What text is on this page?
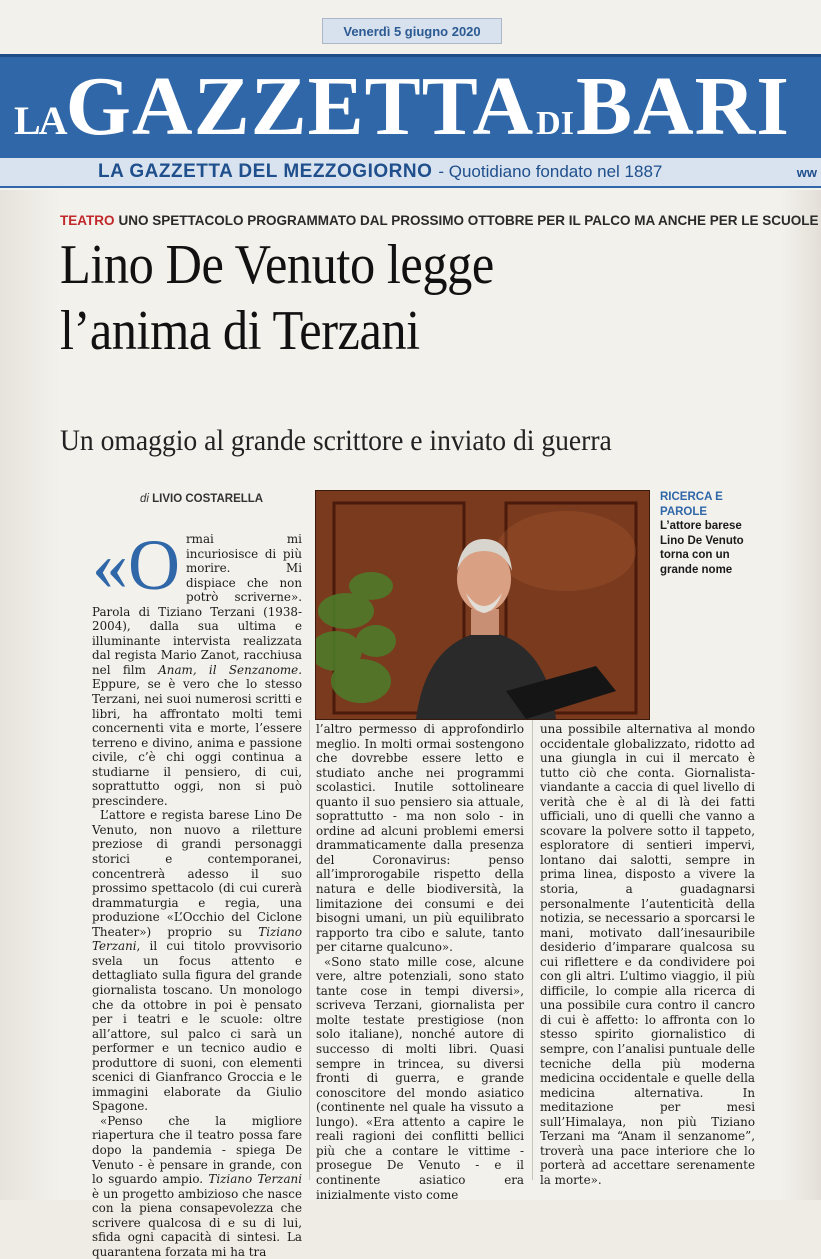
Venerdì 5 giugno 2020
LA GAZZETTA DI BARI
LA GAZZETTA DEL MEZZOGIORNO - Quotidiano fondato nel 1887	ww
TEATRO UNO SPETTACOLO PROGRAMMATO DAL PROSSIMO OTTOBRE PER IL PALCO MA ANCHE PER LE SCUOLE
Lino De Venuto legge
l’anima di Terzani
Un omaggio al grande scrittore e inviato di guerra
di LIVIO COSTARELLA	RICERCA E PAROLE
L’attore barese Lino De Venuto torna con un grande nome

«Ormai mi incuriosisce di più morire. Mi dispiace che non potrò scriverne». Parola di Tiziano Terzani (1938-2004), dalla sua ultima e illuminante intervista realizzata dal regista Mario Zanot, racchiusa nel film Anam, il Senzanome. Eppure, se è vero che lo stesso Terzani, nei suoi numerosi scritti e libri, ha affrontato molti temi concernenti vita e morte, l’essere terreno e divino, anima e passione civile, c’è chi oggi continua a studiarne il pensiero, di cui, soprattutto oggi, non si può prescindere.

L’attore e regista barese Lino De Venuto, non nuovo a riletture preziose di grandi personaggi storici e contemporanei, concentrerà adesso il suo prossimo spettacolo (di cui curerà drammaturgia e regia, una produzione «L’Occhio del Ciclone Theater») proprio su Tiziano Terzani, il cui titolo provvisorio svela un focus attento e dettagliato sulla figura del grande giornalista toscano. Un monologo che da ottobre in poi è pensato per i teatri e le scuole: oltre all’attore, sul palco ci sarà un performer e un tecnico audio e produttore di suoni, con elementi scenici di Gianfranco Groccia e le immagini elaborate da Giulio Spagone.

«Penso che la migliore riapertura che il teatro possa fare dopo la pandemia - spiega De Venuto - è pensare in grande, con lo sguardo ampio. Tiziano Terzani è un progetto ambizioso che nasce con la piena consapevolezza che scrivere qualcosa di e su di lui, sfida ogni capacità di sintesi. La quarantena forzata mi ha tra

l’altro permesso di approfondirlo meglio. In molti ormai sostengono che dovrebbe essere letto e studiato anche nei programmi scolastici. Inutile sottolineare quanto il suo pensiero sia attuale, soprattutto - ma non solo - in ordine ad alcuni problemi emersi drammaticamente dalla presenza del Coronavirus: penso all’improrogabile rispetto della natura e delle biodiversità, la limitazione dei consumi e dei bisogni umani, un più equilibrato rapporto tra cibo e salute, tanto per citarne qualcuno».

«Sono stato mille cose, alcune vere, altre potenziali, sono stato tante cose in tempi diversi», scriveva Terzani, giornalista per molte testate prestigiose (non solo italiane), nonché autore di successo di molti libri. Quasi sempre in trincea, su diversi fronti di guerra, e grande conoscitore del mondo asiatico (continente nel quale ha vissuto a lungo). «Era attento a capire le reali ragioni dei conflitti bellici più che a contare le vittime - prosegue De Venuto - e il continente asiatico era inizialmente visto come

una possibile alternativa al mondo occidentale globalizzato, ridotto ad una giungla in cui il mercato è tutto ciò che conta. Giornalista-viandante a caccia di quel livello di verità che è al di là dei fatti ufficiali, uno di quelli che vanno a scovare la polvere sotto il tappeto, esploratore di sentieri impervi, lontano dai salotti, sempre in prima linea, disposto a vivere la storia, a guadagnarsi personalmente l’autenticità della notizia, se necessario a sporcarsi le mani, motivato dall’inesauribile desiderio d’imparare qualcosa su cui riflettere e da condividere poi con gli altri. L’ultimo viaggio, il più difficile, lo compie alla ricerca di una possibile cura contro il cancro di cui è affetto: lo affronta con lo stesso spirito giornalistico di sempre, con l’analisi puntuale delle tecniche della più moderna medicina occidentale e quelle della medicina alternativa. In meditazione per mesi sull’Himalaya, non più Tiziano Terzani ma “Anam il senzanome”, troverà una pace interiore che lo porterà ad accettare serenamente la morte».
